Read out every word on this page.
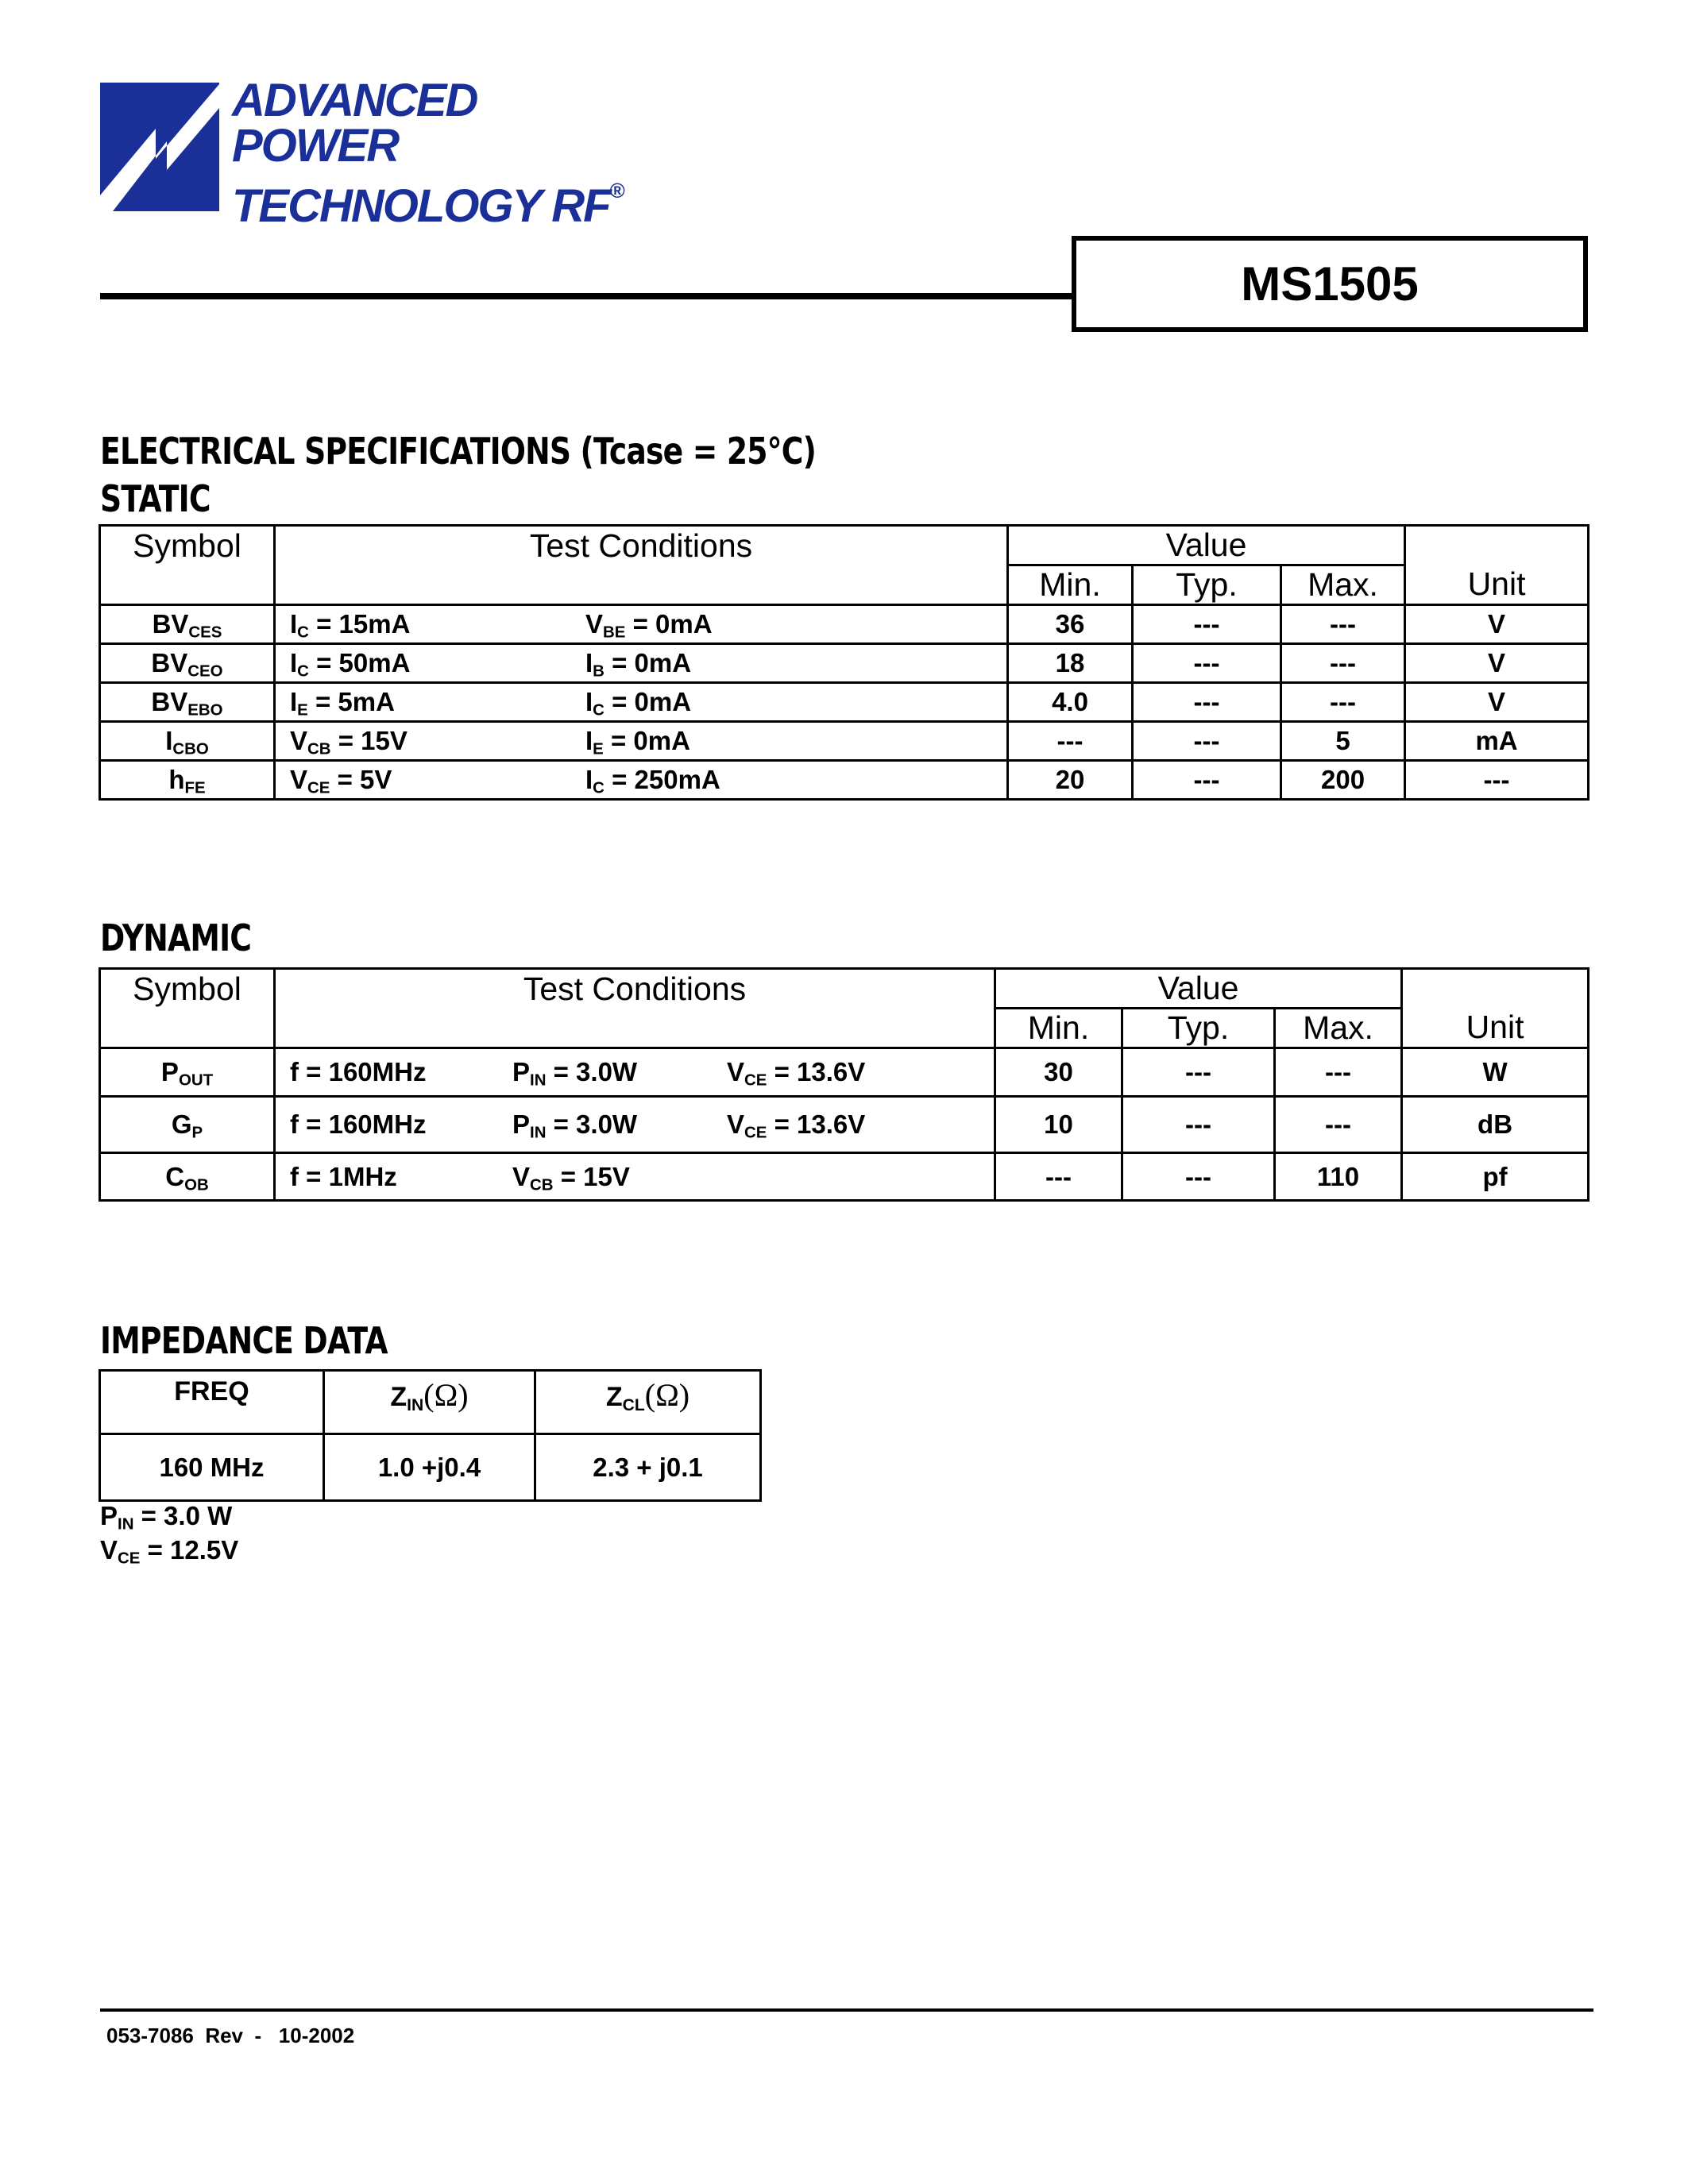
ADVANCED
POWER
TECHNOLOGY RF®
MS1505
ELECTRICAL SPECIFICATIONS (Tcase = 25°C)
STATIC
Symbol	Test Conditions	Value			
		Min.	Typ.	Max.	Unit
$BV_{CES}$	$I_C = 15mA$ $V_{BE} = 0mA$	36	---	---	V
$BV_{CEO}$	$I_C = 50mA$ $I_B = 0mA$	18	---	---	V
$BV_{EBO}$	$I_E = 5mA$ $I_C = 0mA$	4.0	---	---	V
$I_{CBO}$	$V_{CB} = 15V$ $I_E = 0mA$	---	---	5	mA
$h_{FE}$	$V_{CE} = 5V$ $I_C = 250mA$	20	---	200	---
DYNAMIC
Symbol	Test Conditions	Value			
		Min.	Typ.	Max.	Unit
$P_{OUT}$	f = 160MHz $P_{IN} = 3.0W$ $V_{CE} = 13.6V$	30	---	---	W
$G_P$	f = 160MHz $P_{IN} = 3.0W$ $V_{CE} = 13.6V$	10	---	---	dB
$C_{OB}$	f = 1MHz $V_{CB} = 15V$	---	---	110	pf
IMPEDANCE DATA
FREQ	$Z_{IN}(\Omega)$	$Z_{CL}(\Omega)$
160 MHz	1.0 +j0.4	2.3 + j0.1
$P_{IN} = 3.0$ W
$V_{CE} = 12.5V$
053-7086  Rev  -   10-2002
